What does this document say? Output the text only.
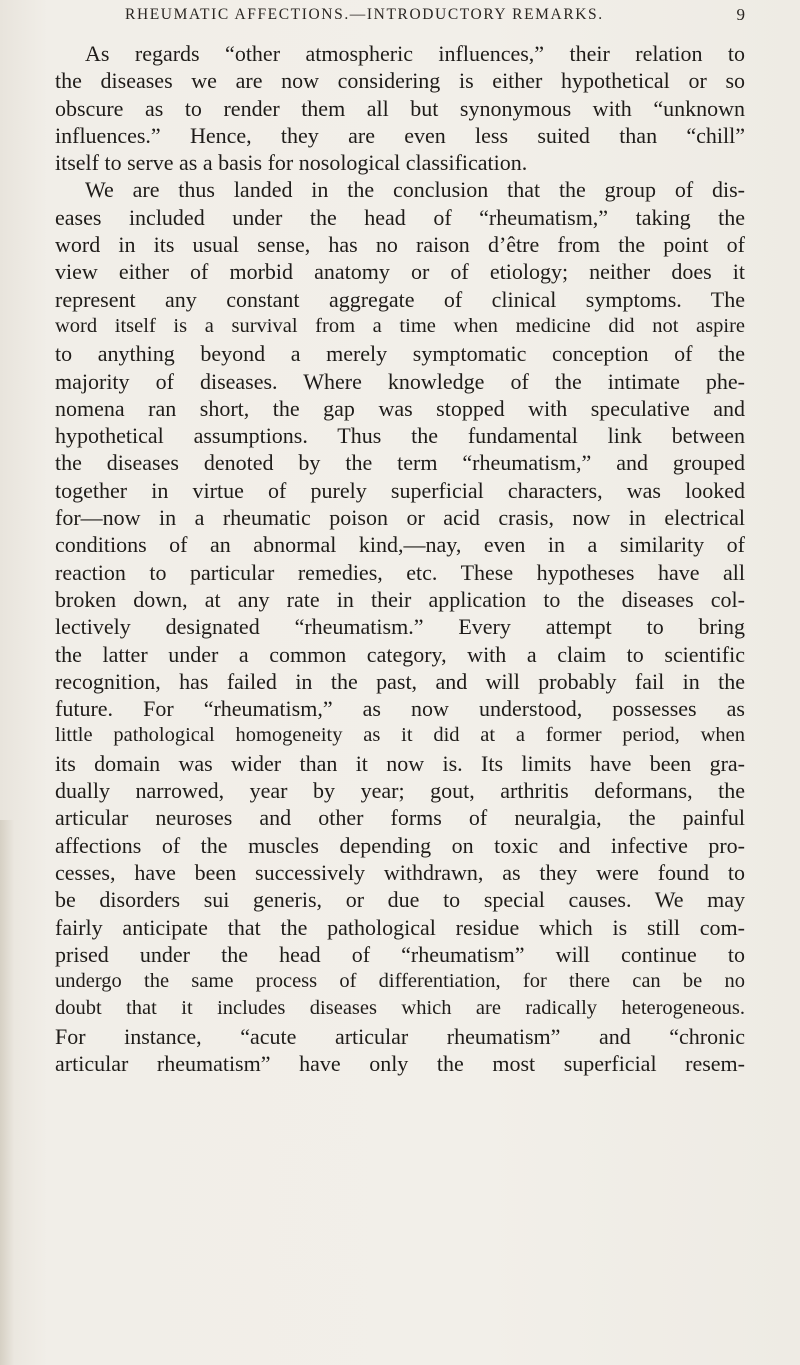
RHEUMATIC AFFECTIONS.—INTRODUCTORY REMARKS.	9
As regards “other atmospheric influences,” their relation to
the diseases we are now considering is either hypothetical or so
obscure as to render them all but synonymous with “unknown
influences.” Hence, they are even less suited than “chill”
itself to serve as a basis for nosological classification.
We are thus landed in the conclusion that the group of dis-
eases included under the head of “rheumatism,” taking the
word in its usual sense, has no raison d’être from the point of
view either of morbid anatomy or of etiology; neither does it
represent any constant aggregate of clinical symptoms. The
word itself is a survival from a time when medicine did not aspire
to anything beyond a merely symptomatic conception of the
majority of diseases. Where knowledge of the intimate phe-
nomena ran short, the gap was stopped with speculative and
hypothetical assumptions. Thus the fundamental link between
the diseases denoted by the term “rheumatism,” and grouped
together in virtue of purely superficial characters, was looked
for—now in a rheumatic poison or acid crasis, now in electrical
conditions of an abnormal kind,—nay, even in a similarity of
reaction to particular remedies, etc. These hypotheses have all
broken down, at any rate in their application to the diseases col-
lectively designated “rheumatism.” Every attempt to bring
the latter under a common category, with a claim to scientific
recognition, has failed in the past, and will probably fail in the
future. For “rheumatism,” as now understood, possesses as
little pathological homogeneity as it did at a former period, when
its domain was wider than it now is. Its limits have been gra-
dually narrowed, year by year; gout, arthritis deformans, the
articular neuroses and other forms of neuralgia, the painful
affections of the muscles depending on toxic and infective pro-
cesses, have been successively withdrawn, as they were found to
be disorders sui generis, or due to special causes. We may
fairly anticipate that the pathological residue which is still com-
prised under the head of “rheumatism” will continue to
undergo the same process of differentiation, for there can be no
doubt that it includes diseases which are radically heterogeneous.
For instance, “acute articular rheumatism” and “chronic
articular rheumatism” have only the most superficial resem-
